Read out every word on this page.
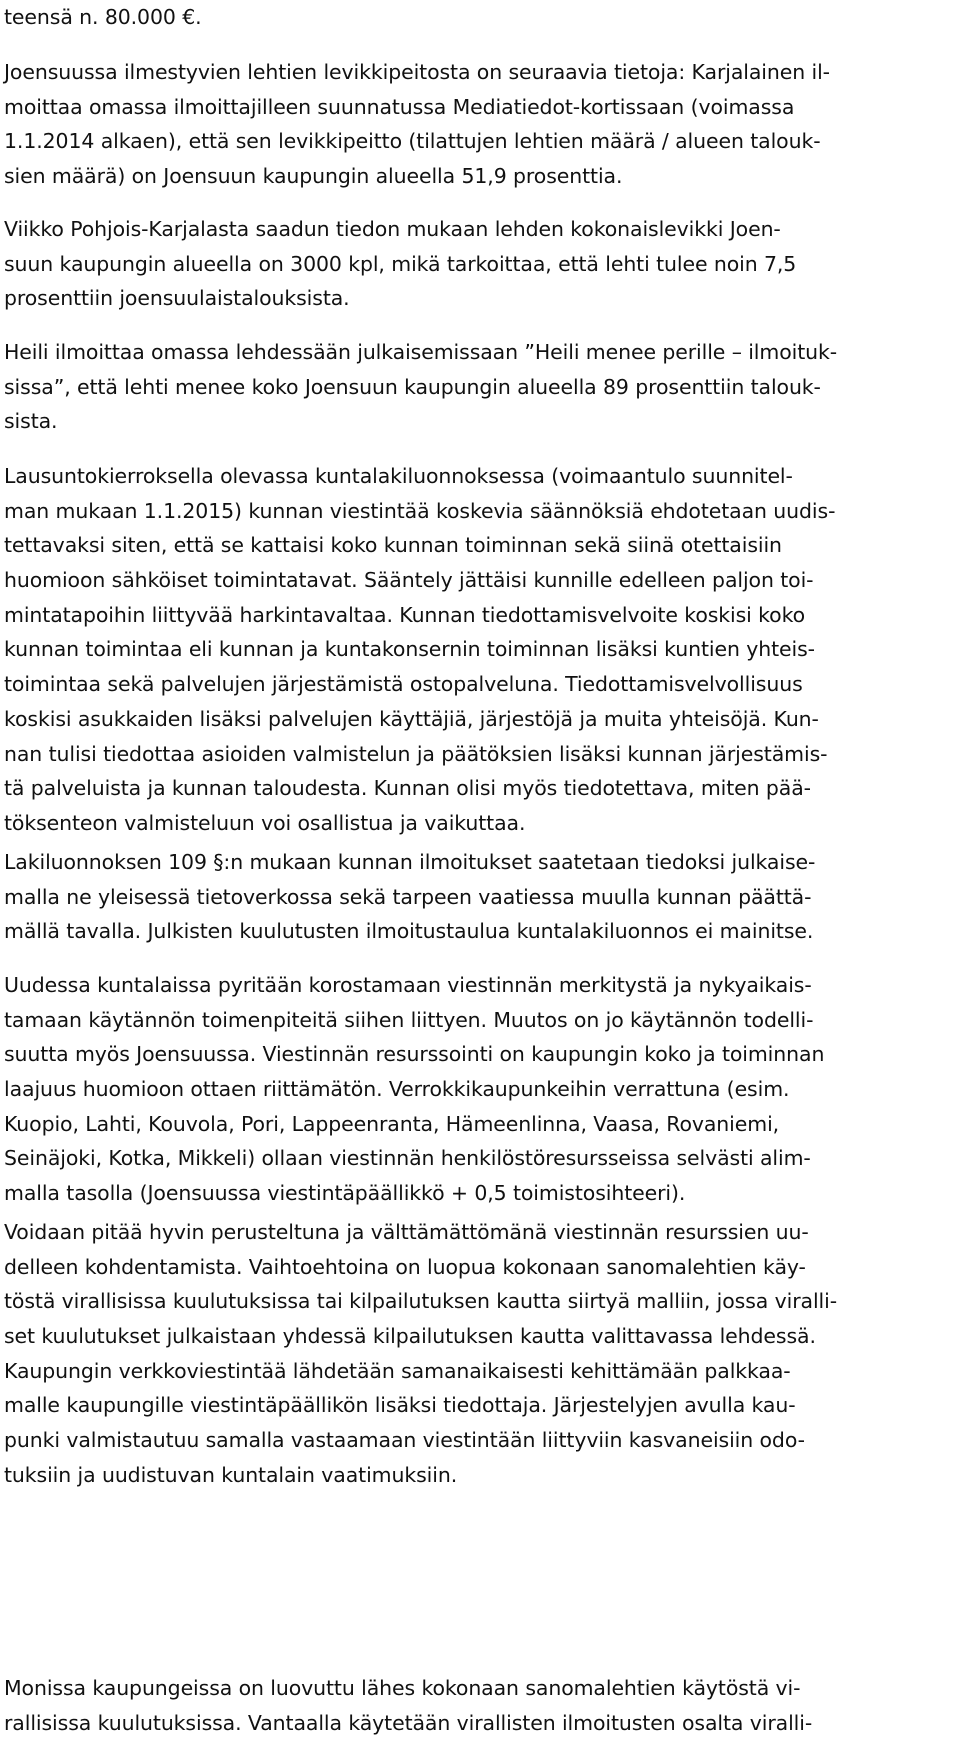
teensä n. 80.000 €.
Joensuussa ilmestyvien lehtien levikkipeitosta on seuraavia tietoja: Karjalainen il-
moittaa omassa ilmoittajilleen suunnatussa Mediatiedot-kortissaan (voimassa
1.1.2014 alkaen), että sen levikkipeitto (tilattujen lehtien määrä / alueen talouk-
sien määrä) on Joensuun kaupungin alueella 51,9 prosenttia.
Viikko Pohjois-Karjalasta saadun tiedon mukaan lehden kokonaislevikki Joen-
suun kaupungin alueella on 3000 kpl, mikä tarkoittaa, että lehti tulee noin 7,5
prosenttiin joensuulaistalouksista.
Heili ilmoittaa omassa lehdessään julkaisemissaan ”Heili menee perille – ilmoituk-
sissa”, että lehti menee koko Joensuun kaupungin alueella 89 prosenttiin talouk-
sista.
Lausuntokierroksella olevassa kuntalakiluonnoksessa (voimaantulo suunnitel-
man mukaan 1.1.2015) kunnan viestintää koskevia säännöksiä ehdotetaan uudis-
tettavaksi siten, että se kattaisi koko kunnan toiminnan sekä siinä otettaisiin
huomioon sähköiset toimintatavat. Sääntely jättäisi kunnille edelleen paljon toi-
mintatapoihin liittyvää harkintavaltaa. Kunnan tiedottamisvelvoite koskisi koko
kunnan toimintaa eli kunnan ja kuntakonsernin toiminnan lisäksi kuntien yhteis-
toimintaa sekä palvelujen järjestämistä ostopalveluna. Tiedottamisvelvollisuus
koskisi asukkaiden lisäksi palvelujen käyttäjiä, järjestöjä ja muita yhteisöjä. Kun-
nan tulisi tiedottaa asioiden valmistelun ja päätöksien lisäksi kunnan järjestämis-
tä palveluista ja kunnan taloudesta. Kunnan olisi myös tiedotettava, miten pää-
töksenteon valmisteluun voi osallistua ja vaikuttaa.
Lakiluonnoksen 109 §:n mukaan kunnan ilmoitukset saatetaan tiedoksi julkaise-
malla ne yleisessä tietoverkossa sekä tarpeen vaatiessa muulla kunnan päättä-
mällä tavalla. Julkisten kuulutusten ilmoitustaulua kuntalakiluonnos ei mainitse.
Uudessa kuntalaissa pyritään korostamaan viestinnän merkitystä ja nykyaikais-
tamaan käytännön toimenpiteitä siihen liittyen. Muutos on jo käytännön todelli-
suutta myös Joensuussa. Viestinnän resurssointi on kaupungin koko ja toiminnan
laajuus huomioon ottaen riittämätön. Verrokkikaupunkeihin verrattuna (esim.
Kuopio, Lahti, Kouvola, Pori, Lappeenranta, Hämeenlinna, Vaasa, Rovaniemi,
Seinäjoki, Kotka, Mikkeli) ollaan viestinnän henkilöstöresursseissa selvästi alim-
malla tasolla (Joensuussa viestintäpäällikkö + 0,5 toimistosihteeri).
Voidaan pitää hyvin perusteltuna ja välttämättömänä viestinnän resurssien uu-
delleen kohdentamista. Vaihtoehtoina on luopua kokonaan sanomalehtien käy-
töstä virallisissa kuulutuksissa tai kilpailutuksen kautta siirtyä malliin, jossa viralli-
set kuulutukset julkaistaan yhdessä kilpailutuksen kautta valittavassa lehdessä.
Kaupungin verkkoviestintää lähdetään samanaikaisesti kehittämään palkkaa-
malle kaupungille viestintäpäällikön lisäksi tiedottaja. Järjestelyjen avulla kau-
punki valmistautuu samalla vastaamaan viestintään liittyviin kasvaneisiin odo-
tuksiin ja uudistuvan kuntalain vaatimuksiin.
Monissa kaupungeissa on luovuttu lähes kokonaan sanomalehtien käytöstä vi-
rallisissa kuulutuksissa. Vantaalla käytetään virallisten ilmoitusten osalta viralli-
